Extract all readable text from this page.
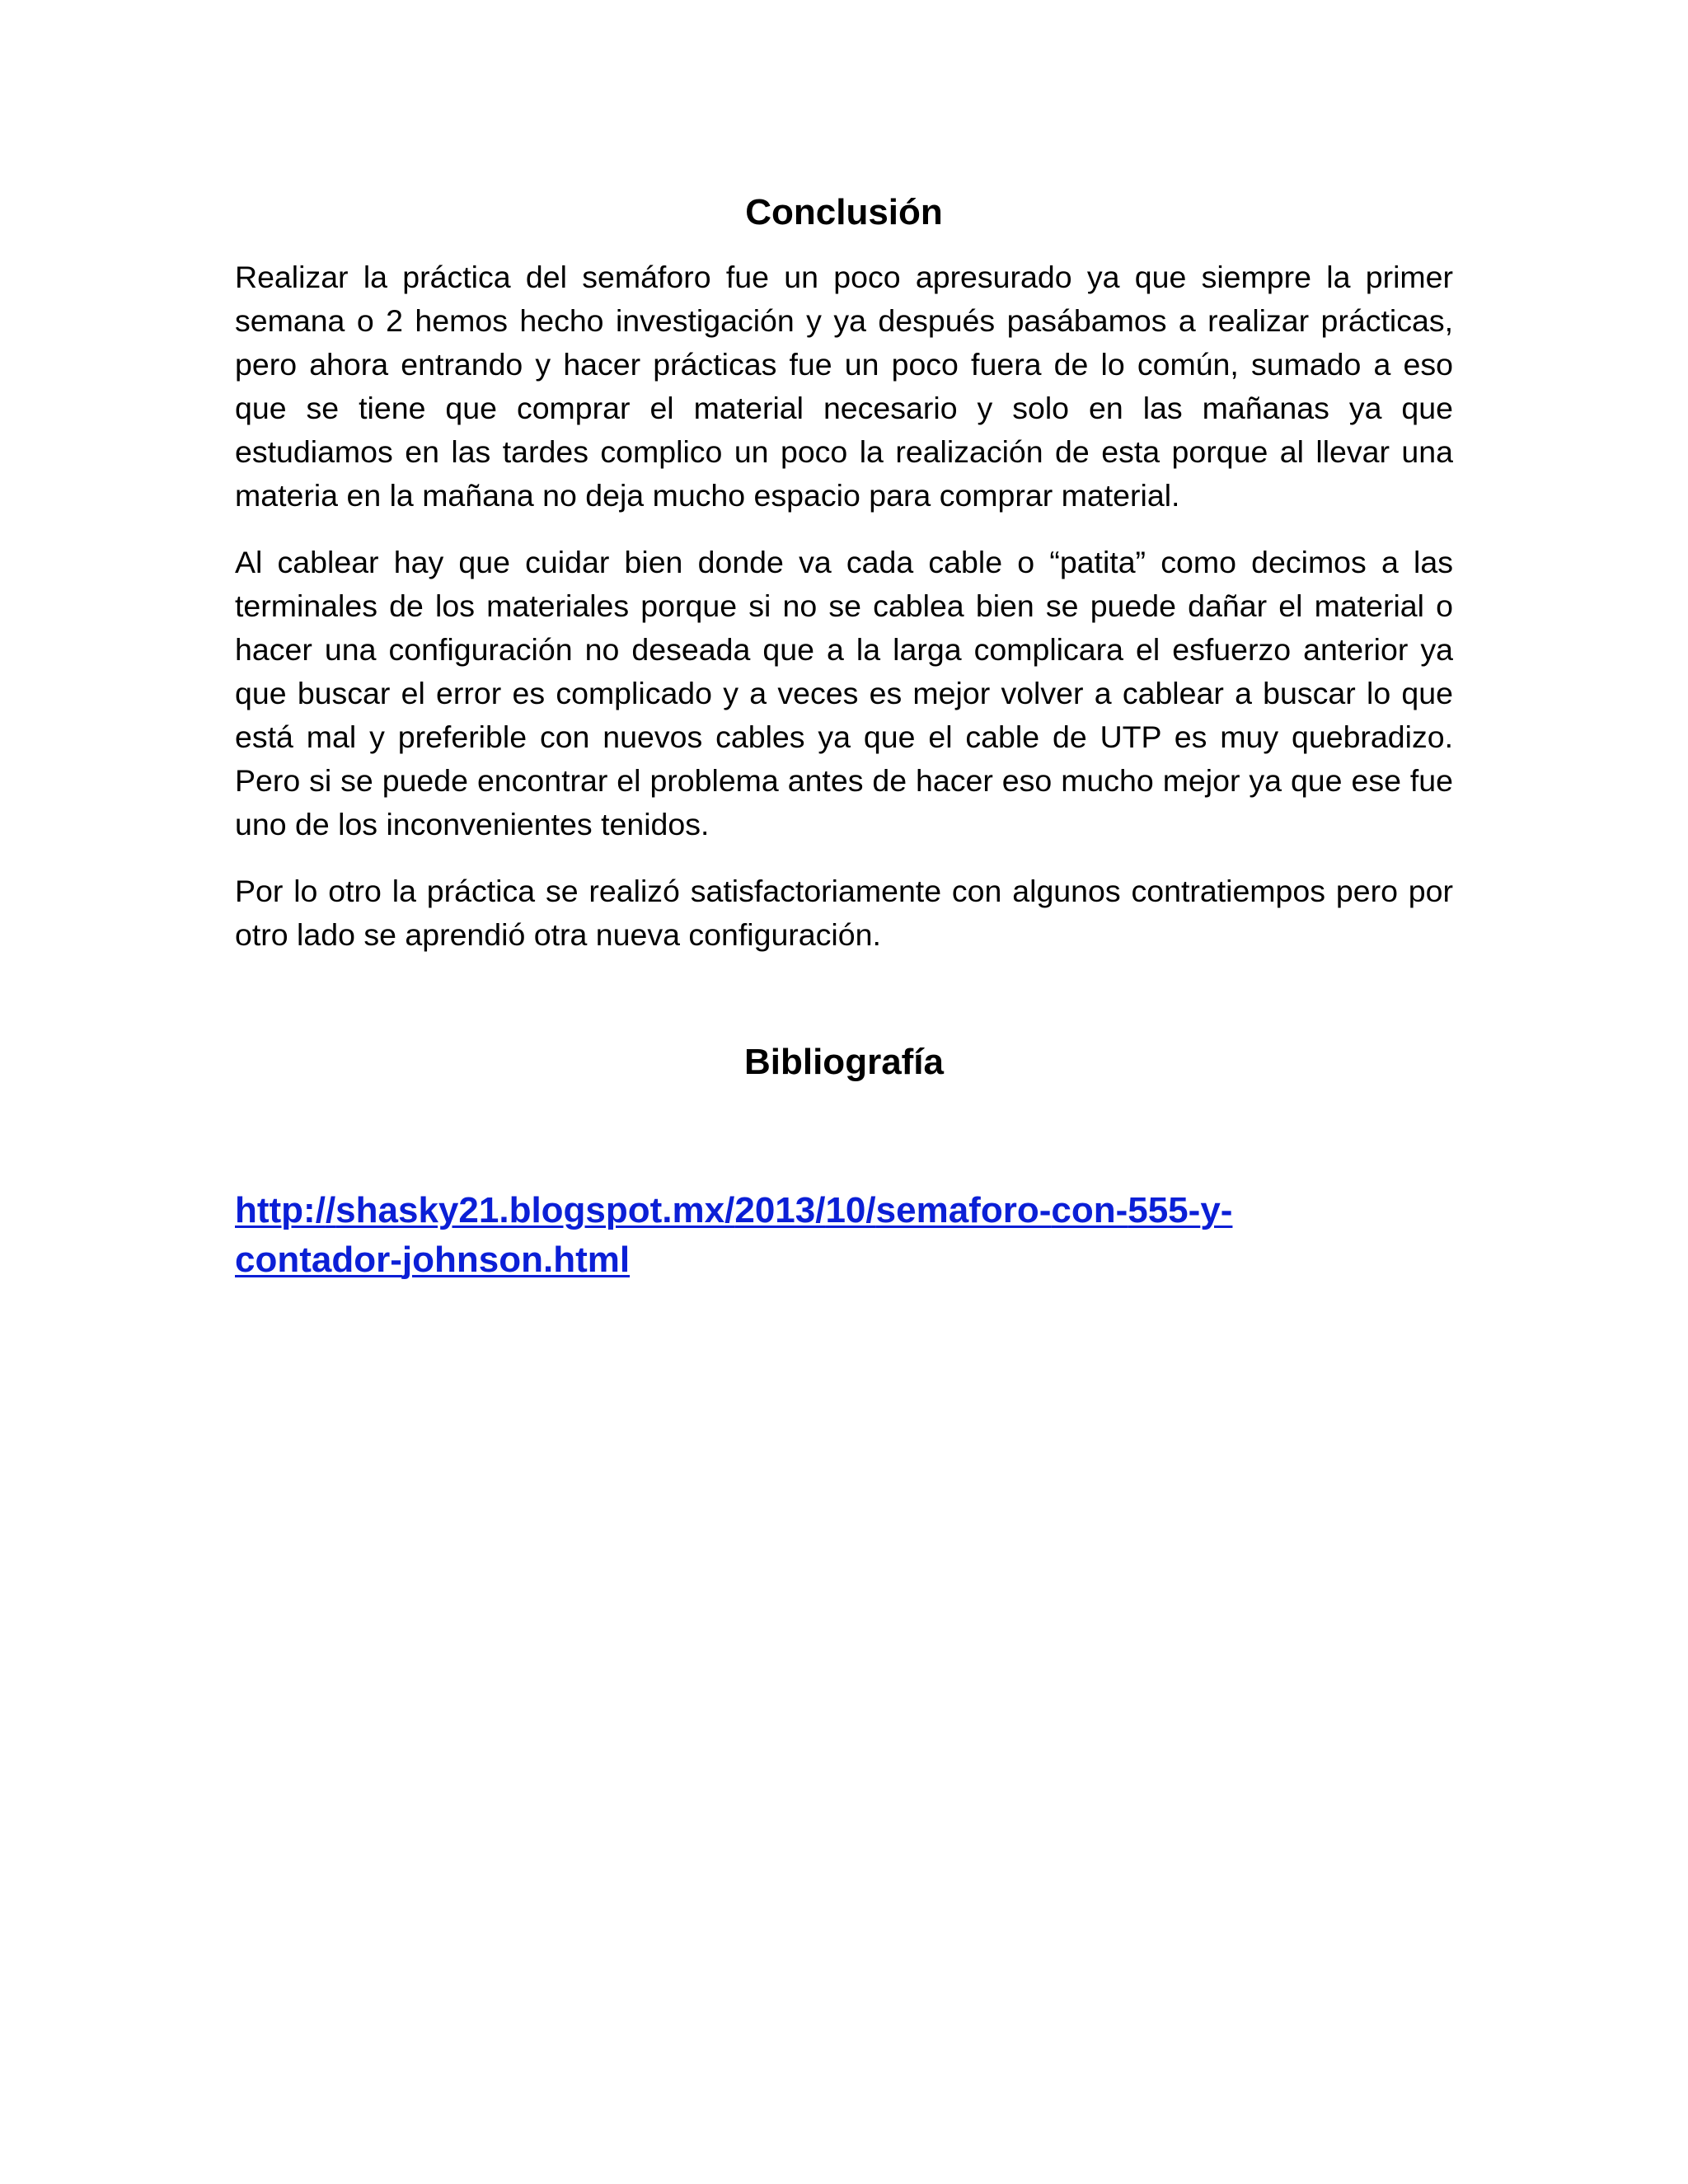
Conclusión

Realizar la práctica del semáforo fue un poco apresurado ya que siempre la primer semana o 2 hemos hecho investigación y ya después pasábamos a realizar prácticas, pero ahora entrando y hacer prácticas fue un poco fuera de lo común, sumado a eso que se tiene que comprar el material necesario y solo en las mañanas ya que estudiamos en las tardes complico un poco la realización de esta porque al llevar una materia en la mañana no deja mucho espacio para comprar material.

Al cablear hay que cuidar bien donde va cada cable o “patita” como decimos a las terminales de los materiales porque si no se cablea bien se puede dañar el material o hacer una configuración no deseada que a la larga complicara el esfuerzo anterior ya que buscar el error es complicado y a veces es mejor volver a cablear a buscar lo que está mal y preferible con nuevos cables ya que el cable de UTP es muy quebradizo. Pero si se puede encontrar el problema antes de hacer eso mucho mejor ya que ese fue uno de los inconvenientes tenidos.

Por lo otro la práctica se realizó satisfactoriamente con algunos contratiempos pero por otro lado se aprendió otra nueva configuración.

Bibliografía
http://shasky21.blogspot.mx/2013/10/semaforo-con-555-y-contador-johnson.html
